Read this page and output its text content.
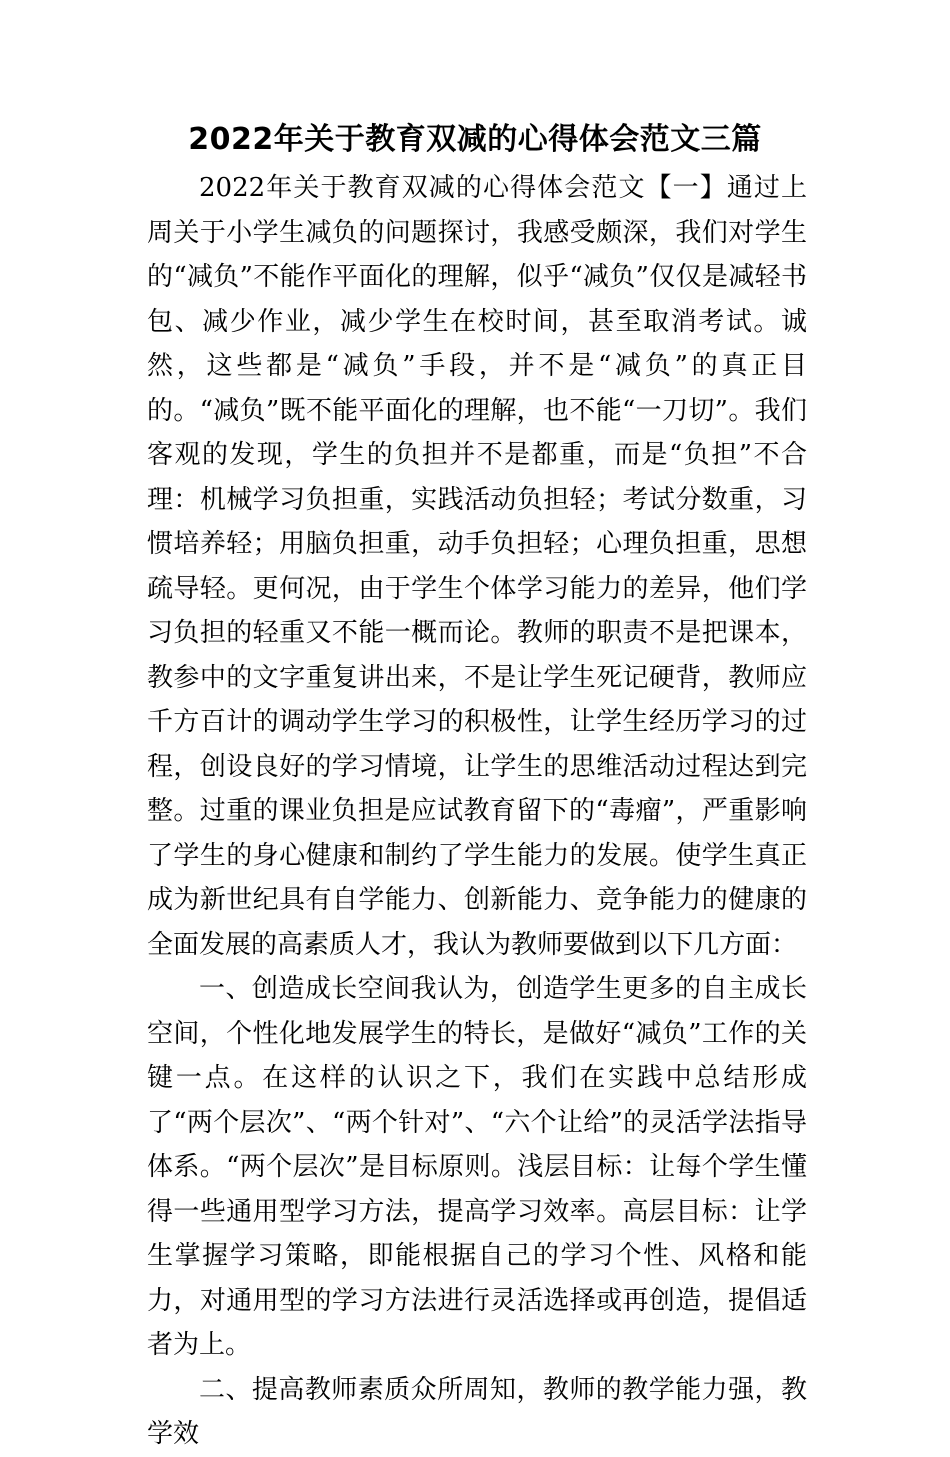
2022年关于教育双减的心得体会范文三篇

2022年关于教育双减的心得体会范文【一】通过上周关于小学生减负的问题探讨，我感受颇深，我们对学生的“减负”不能作平面化的理解，似乎“减负”仅仅是减轻书包、减少作业，减少学生在校时间，甚至取消考试。诚然，这些都是“减负”手段，并不是“减负”的真正目的。“减负”既不能平面化的理解，也不能“一刀切”。我们客观的发现，学生的负担并不是都重，而是“负担”不合理：机械学习负担重，实践活动负担轻；考试分数重，习惯培养轻；用脑负担重，动手负担轻；心理负担重，思想疏导轻。更何况，由于学生个体学习能力的差异，他们学习负担的轻重又不能一概而论。教师的职责不是把课本，教参中的文字重复讲出来，不是让学生死记硬背，教师应千方百计的调动学生学习的积极性，让学生经历学习的过程，创设良好的学习情境，让学生的思维活动过程达到完整。过重的课业负担是应试教育留下的“毒瘤”，严重影响了学生的身心健康和制约了学生能力的发展。使学生真正成为新世纪具有自学能力、创新能力、竞争能力的健康的全面发展的高素质人才，我认为教师要做到以下几方面：

一、创造成长空间我认为，创造学生更多的自主成长空间，个性化地发展学生的特长，是做好“减负”工作的关键一点。在这样的认识之下，我们在实践中总结形成了“两个层次”、“两个针对”、“六个让给”的灵活学法指导体系。“两个层次”是目标原则。浅层目标：让每个学生懂得一些通用型学习方法，提高学习效率。高层目标：让学生掌握学习策略，即能根据自己的学习个性、风格和能力，对通用型的学习方法进行灵活选择或再创造，提倡适者为上。

二、提高教师素质众所周知，教师的教学能力强，教学效
